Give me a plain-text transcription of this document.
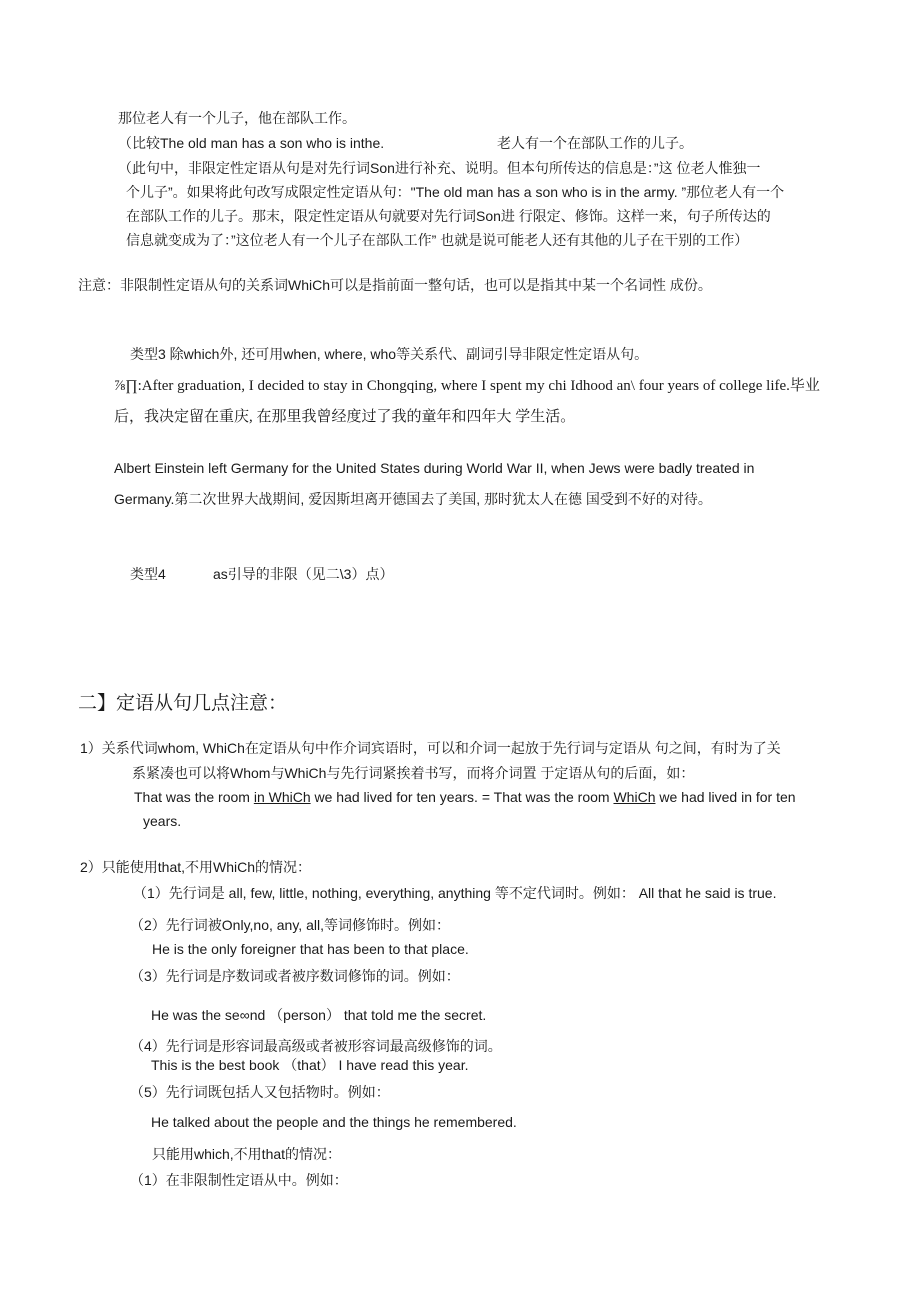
那位老人有一个儿子，他在部队工作。
（比较The old man has a son who is inthe.	老人有一个在部队工作的儿子。
（此句中，非限定性定语从句是对先行词Son进行补充、说明。但本句所传达的信息是：”这 位老人惟独一
个儿子”。如果将此句改写成限定性定语从句："The old man has a son who is in the army. ”那位老人有一个
在部队工作的儿子。那末，限定性定语从句就要对先行词Son进 行限定、修饰。这样一来，句子所传达的
信息就变成为了：”这位老人有一个儿子在部队工作” 也就是说可能老人还有其他的儿子在干别的工作）
注意：非限制性定语从句的关系词WhiCh可以是指前面一整句话，也可以是指其中某一个名词性 成份。
类型3 除which外, 还可用when, where, who等关系代、副词引导非限定性定语从句。
⅞∏:After graduation, I decided to stay in Chongqing, where I spent my chi Idhood an\ four years of college life.毕业
后，我决定留在重庆, 在那里我曾经度过了我的童年和四年大 学生活。
Albert Einstein left Germany for the United States during World War II, when Jews were badly treated in
Germany.第二次世界大战期间, 爱因斯坦离开德国去了美国, 那时犹太人在德 国受到不好的对待。
类型4	as引导的非限（见二\3）点）
二】定语从句几点注意：
1）关系代词whom, WhiCh在定语从句中作介词宾语时，可以和介词一起放于先行词与定语从 句之间，有时为了关
系紧凑也可以将Whom与WhiCh与先行词紧挨着书写，而将介词置 于定语从句的后面，如：
That was the room in WhiCh we had lived for ten years. = That was the room WhiCh we had lived in for ten
years.
2）只能使用that,不用WhiCh的情况：
（1）先行词是 all, few, little, nothing, everything, anything 等不定代词时。例如： All that he said is true.
（2）先行词被Only,no, any, all,等词修饰时。例如：
He is the only foreigner that has been to that place.
（3）先行词是序数词或者被序数词修饰的词。例如：
He was the se∞nd （person） that told me the secret.
（4）先行词是形容词最高级或者被形容词最高级修饰的词。
This is the best book （that） I have read this year.
（5）先行词既包括人又包括物时。例如：
He talked about the people and the things he remembered.
只能用which,不用that的情况：
（1）在非限制性定语从中。例如：
